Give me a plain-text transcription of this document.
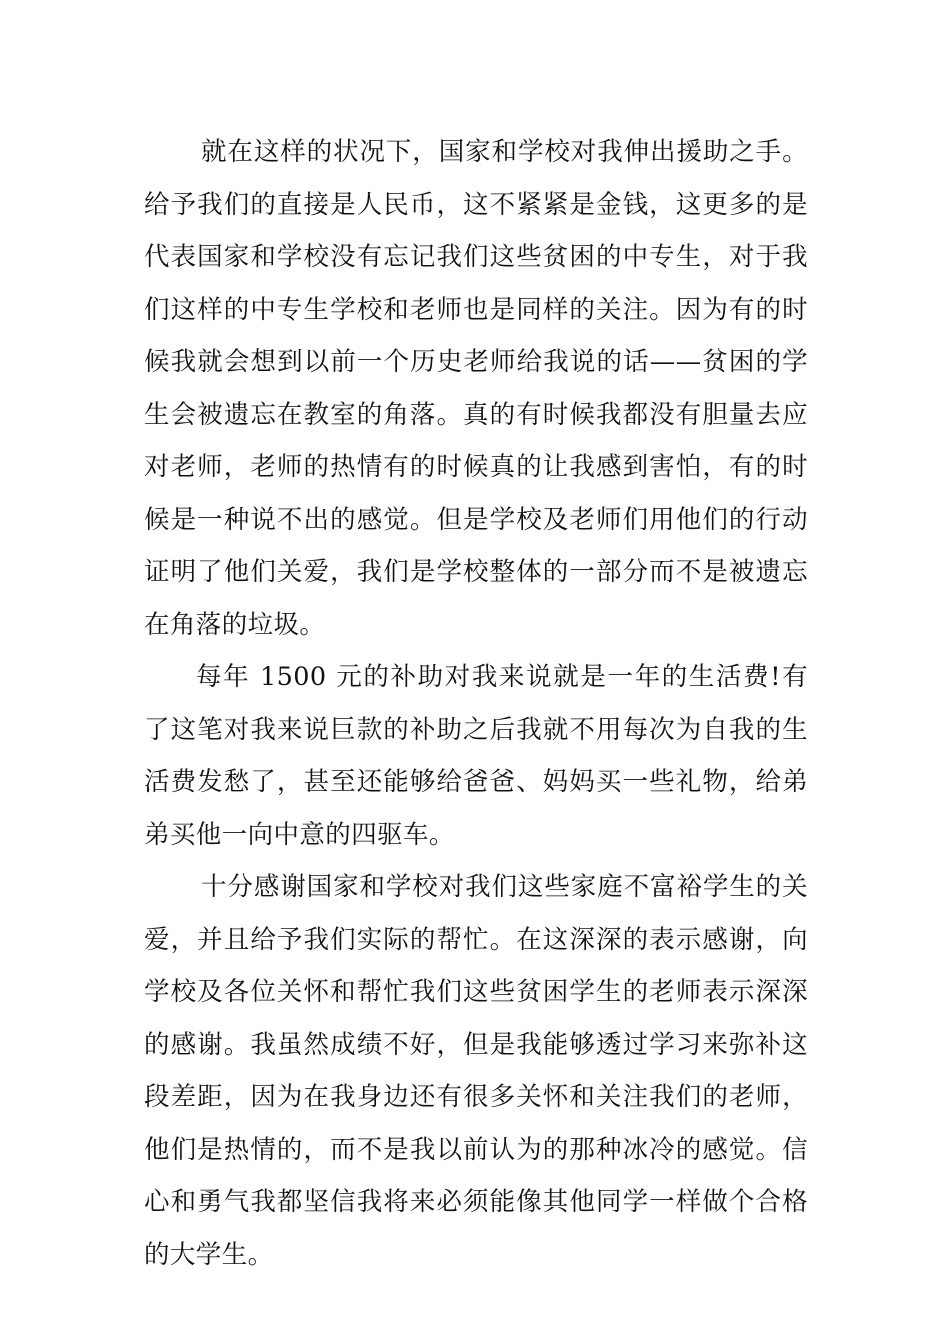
就在这样的状况下，国家和学校对我伸出援助之手。给予我们的直接是人民币，这不紧紧是金钱，这更多的是代表国家和学校没有忘记我们这些贫困的中专生，对于我们这样的中专生学校和老师也是同样的关注。因为有的时候我就会想到以前一个历史老师给我说的话——贫困的学生会被遗忘在教室的角落。真的有时候我都没有胆量去应对老师，老师的热情有的时候真的让我感到害怕，有的时候是一种说不出的感觉。但是学校及老师们用他们的行动证明了他们关爱，我们是学校整体的一部分而不是被遗忘在角落的垃圾。

每年 1500 元的补助对我来说就是一年的生活费!有了这笔对我来说巨款的补助之后我就不用每次为自我的生活费发愁了，甚至还能够给爸爸、妈妈买一些礼物，给弟弟买他一向中意的四驱车。

十分感谢国家和学校对我们这些家庭不富裕学生的关爱，并且给予我们实际的帮忙。在这深深的表示感谢，向学校及各位关怀和帮忙我们这些贫困学生的老师表示深深的感谢。我虽然成绩不好，但是我能够透过学习来弥补这段差距，因为在我身边还有很多关怀和关注我们的老师，他们是热情的，而不是我以前认为的那种冰冷的感觉。信心和勇气我都坚信我将来必须能像其他同学一样做个合格的大学生。
